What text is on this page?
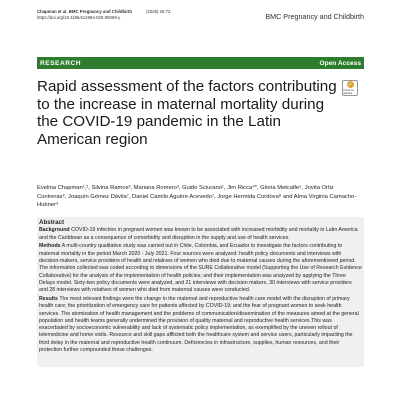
Chapman et al. BMC Pregnancy and Childbirth	(2026) 26:72
https://doi.org/10.1186/s12884-025-08069-y	BMC Pregnancy and Childbirth
RESEARCH	Open Access
Rapid assessment of the factors contributing to the increase in maternal mortality during the COVID-19 pandemic in the Latin American region
✓
Check for updates
Evelina Chapman¹,², Silvina Ramos³, Mariana Romero³, Guido Sciurano¹, Jim Ricca⁴*, Gloria Metcalfe⁵, Jovita Ortiz Contreras⁶, Joaquín Gómez Dávila⁷, Daniel Camilo Aguirre Acevedo⁷, Jorge Hermida Cordova⁸ and Alma Virginia Camacho-Hubner⁹
Abstract

Background COVID-19 infection in pregnant women was known to be associated with increased morbidity and mortality in Latin America and the Caribbean as a consequence of comorbidity and disruption in the supply and use of health services.

Methods A multi-country qualitative study was carried out in Chile, Colombia, and Ecuador to investigate the factors contributing to maternal mortality in the period March 2020 - July 2021. Four sources were analyzed: health policy documents and interviews with decision-makers, service providers of health and relatives of women who died due to maternal causes during the aforementioned period. The information collected was coded according to dimensions of the SURE Collaborative model (Supporting the Use of Research Evidence Collaborative) for the analysis of the implementation of health policies; and their implementation was analyzed by applying the Three Delays model. Sixty-two policy documents were analyzed, and 21 interviews with decision makers, 30 interviews with service providers and 28 interviews with relatives of women who died from maternal causes were conducted.

Results The most relevant findings were the change in the maternal and reproductive health care model with the disruption of primary health care; the prioritization of emergency care for patients affected by COVID-19; and the fear of pregnant women to seek health services. The atomization of health management and the problems of communication/dissemination of the measures aimed at the general population and health teams generally undermined the provision of quality maternal and reproductive health services.This was exacerbated by socioeconomic vulnerability and lack of systematic policy implementation, as exemplified by the uneven rollout of telemedicine and home visits. Resource and skill gaps afflicted both the healthcare system and service users, particularly impacting the third delay in the maternal and reproductive health continuum. Deficiencies in infrastructure, supplies, human resources, and their protection further compounded these challenges.
